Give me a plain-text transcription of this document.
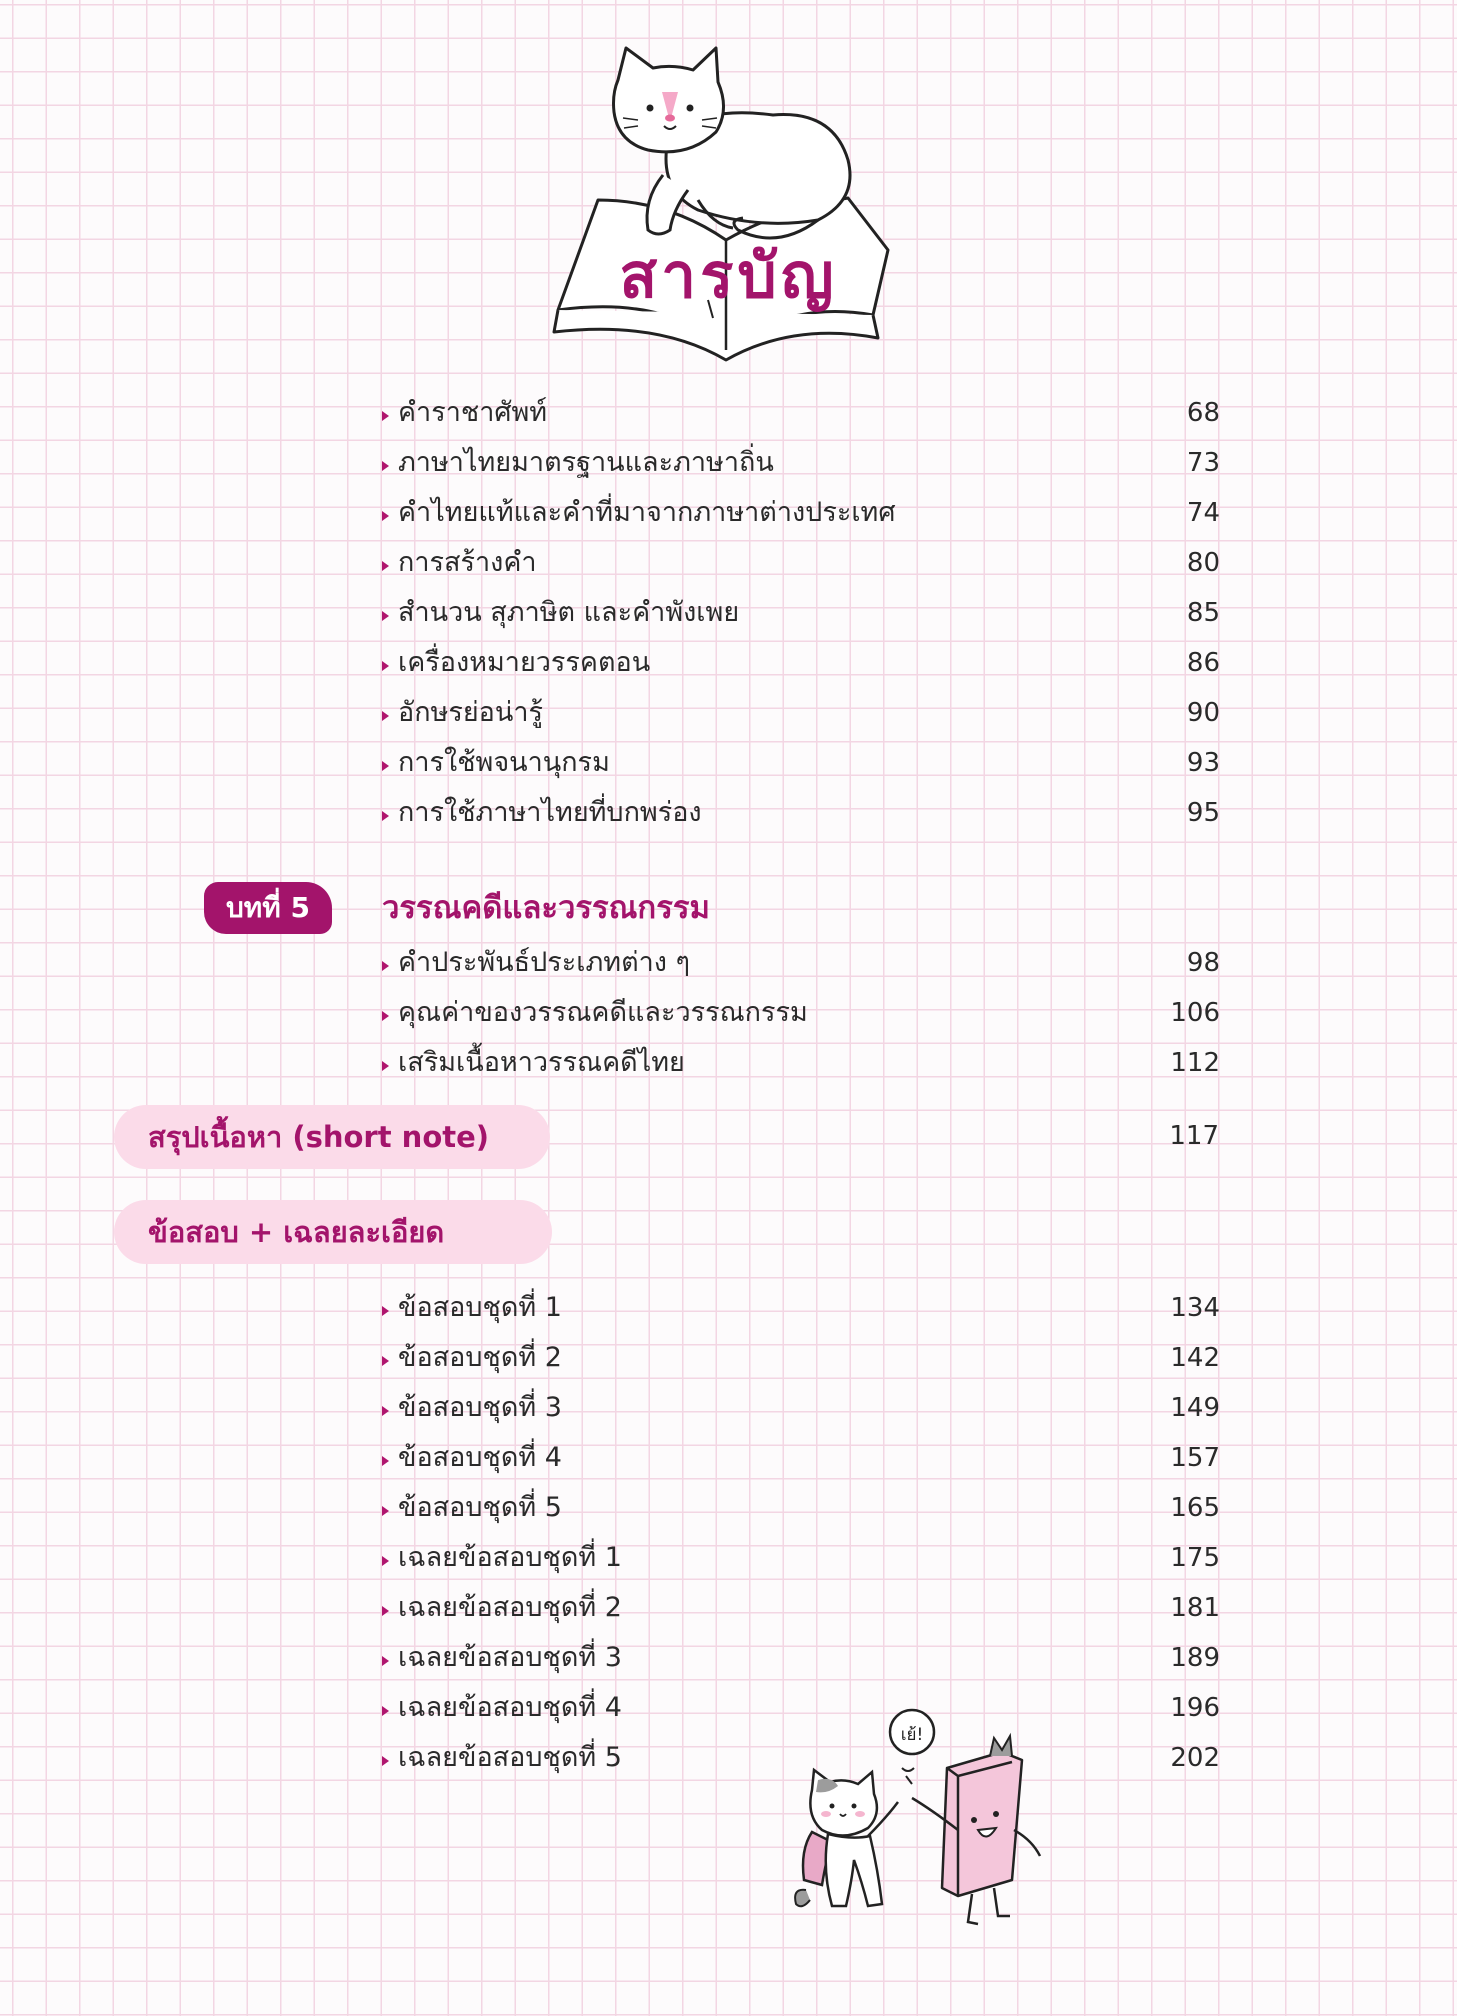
สารบัญ
คำราชาศัพท์	68
ภาษาไทยมาตรฐานและภาษาถิ่น	73
คำไทยแท้และคำที่มาจากภาษาต่างประเทศ	74
การสร้างคำ	80
สำนวน สุภาษิต และคำพังเพย	85
เครื่องหมายวรรคตอน	86
อักษรย่อน่ารู้	90
การใช้พจนานุกรม	93
การใช้ภาษาไทยที่บกพร่อง	95
บทที่ 5	วรรณคดีและวรรณกรรม
คำประพันธ์ประเภทต่าง ๆ	98
คุณค่าของวรรณคดีและวรรณกรรม	106
เสริมเนื้อหาวรรณคดีไทย	112
สรุปเนื้อหา (short note)	117
ข้อสอบ + เฉลยละเอียด
ข้อสอบชุดที่ 1	134
ข้อสอบชุดที่ 2	142
ข้อสอบชุดที่ 3	149
ข้อสอบชุดที่ 4	157
ข้อสอบชุดที่ 5	165
เฉลยข้อสอบชุดที่ 1	175
เฉลยข้อสอบชุดที่ 2	181
เฉลยข้อสอบชุดที่ 3	189
เฉลยข้อสอบชุดที่ 4	196
เฉลยข้อสอบชุดที่ 5	202
เย้!
